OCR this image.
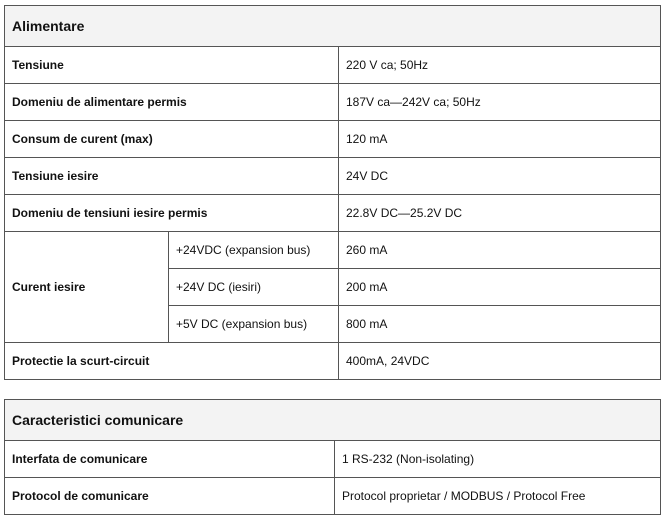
Alimentare		
Tensiune		220 V ca; 50Hz
Domeniu de alimentare permis		187V ca—242V ca; 50Hz
Consum de curent (max)		120 mA
Tensiune iesire		24V DC
Domeniu de tensiuni iesire permis		22.8V DC—25.2V DC
Curent iesire	+24VDC (expansion bus)	260 mA
	+24V DC (iesiri)	200 mA
	+5V DC (expansion bus)	800 mA
Protectie la scurt-circuit		400mA, 24VDC
Caracteristici comunicare	
Interfata de comunicare	1 RS-232 (Non-isolating)
Protocol de comunicare	Protocol proprietar / MODBUS / Protocol Free
